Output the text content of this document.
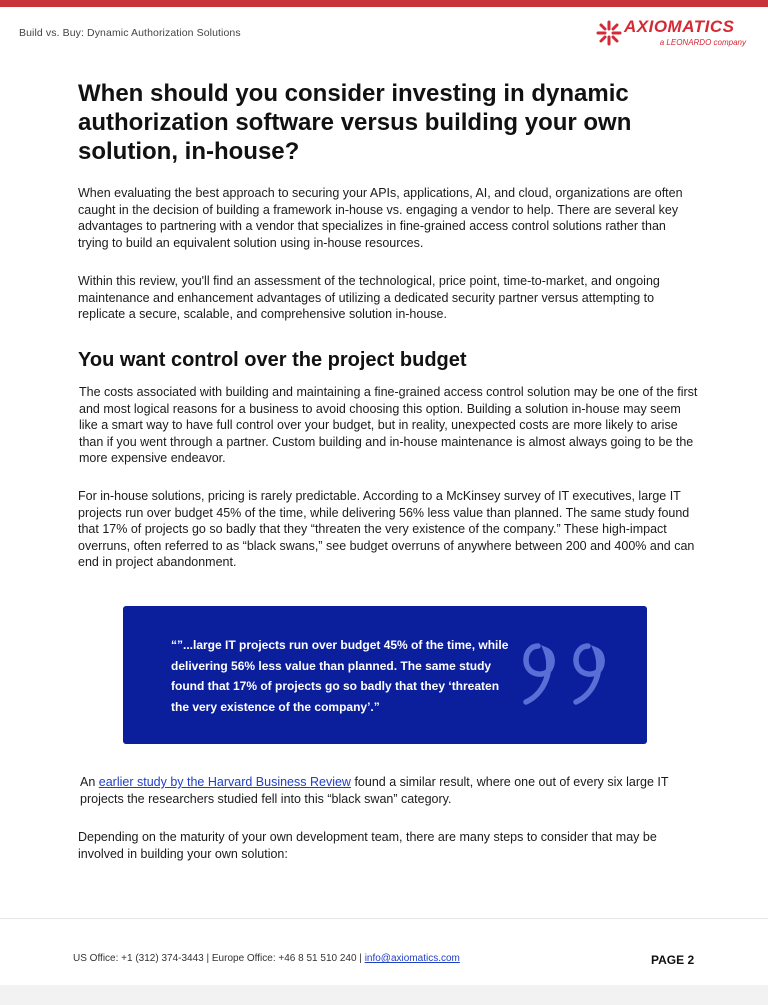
Build vs. Buy: Dynamic Authorization Solutions	AXIOMATICS
a LEONARDO company
When should you consider investing in dynamic authorization software versus building your own solution, in-house?

When evaluating the best approach to securing your APIs, applications, AI, and cloud, organizations are often caught in the decision of building a framework in-house vs. engaging a vendor to help. There are several key advantages to partnering with a vendor that specializes in fine-grained access control solutions rather than trying to build an equivalent solution using in-house resources.

Within this review, you'll find an assessment of the technological, price point, time-to-market, and ongoing maintenance and enhancement advantages of utilizing a dedicated security partner versus attempting to replicate a secure, scalable, and comprehensive solution in-house.

You want control over the project budget

The costs associated with building and maintaining a fine-grained access control solution may be one of the first and most logical reasons for a business to avoid choosing this option. Building a solution in-house may seem like a smart way to have full control over your budget, but in reality, unexpected costs are more likely to arise than if you went through a partner. Custom building and in-house maintenance is almost always going to be the more expensive endeavor.

For in-house solutions, pricing is rarely predictable. According to a McKinsey survey of IT executives, large IT projects run over budget 45% of the time, while delivering 56% less value than planned. The same study found that 17% of projects go so badly that they “threaten the very existence of the company.” These high-impact overruns, often referred to as “black swans,” see budget overruns of anywhere between 200 and 400% and can end in project abandonment.

“”...large IT projects run over budget 45% of the time, while delivering 56% less value than planned. The same study found that 17% of projects go so badly that they ‘threaten the very existence of the company’.”

An earlier study by the Harvard Business Review found a similar result, where one out of every six large IT projects the researchers studied fell into this “black swan” category.

Depending on the maturity of your own development team, there are many steps to consider that may be involved in building your own solution:

US Office: +1 (312) 374-3443 | Europe Office: +46 8 51 510 240 | info@axiomatics.com	PAGE 2
